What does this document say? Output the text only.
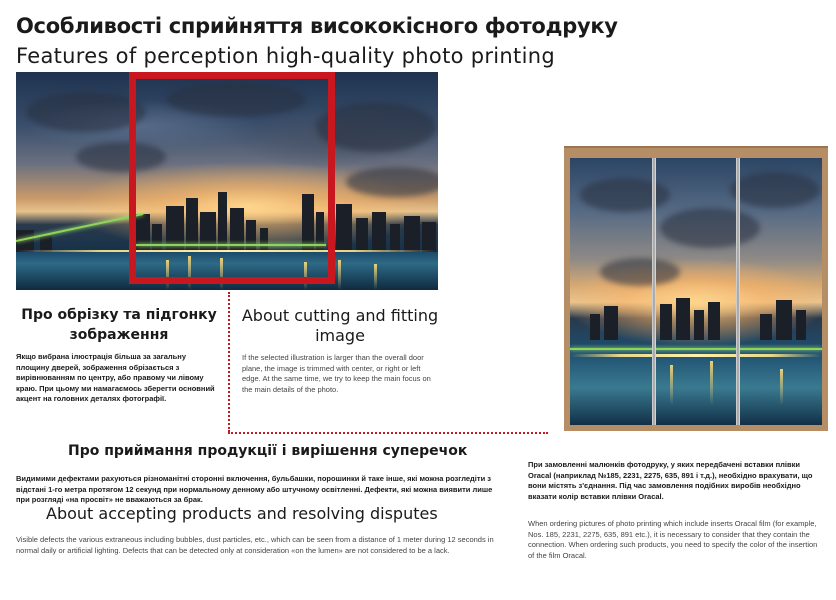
Особливості сприйняття висококісного фотодруку
Features of perception high-quality photo printing
Про обрізку та підгонку зображення
Якщо вибрана ілюстрація більша за загальну площину дверей, зображення обрізається з вирівнюванням по центру, або правому чи лівому краю. При цьому ми намагаємось зберегти основний акцент на головних деталях фотографії.
About cutting and fitting image
If the selected illustration is larger than the overall door plane, the image is trimmed with center, or right or left edge. At the same time, we try to keep the main focus on the main details of the photo.
Про приймання продукції і вирішення суперечок
Видимими дефектами рахуються різноманітні сторонні включення, бульбашки, порошинки й таке інше, які можна розгледіти з відстані 1-го метра протягом 12 секунд при нормальному денному або штучному освітленні. Дефекти, які можна виявити лише при розгляді «на просвіт» не вважаються за брак.
About accepting products and resolving disputes
Visible defects the various extraneous including bubbles, dust particles, etc., which can be seen from a distance of 1 meter during 12 seconds in normal daily or artificial lighting. Defects that can be detected only at consideration «on the lumen» are not considered to be a lack.
При замовленні малюнків фотодруку, у яких передбачені вставки плівки Oracal (наприклад №185, 2231, 2275, 635, 891 і т.д.), необхідно врахувати, що вони містять з'єднання. Під час замовлення подібних виробів необхідно вказати колір вставки плівки Oracal.
When ordering pictures of photo printing which include inserts Oracal film (for example, Nos. 185, 2231, 2275, 635, 891 etc.), it is necessary to consider that they contain the connection. When ordering such products, you need to specify the color of the insertion of the film Oracal.
